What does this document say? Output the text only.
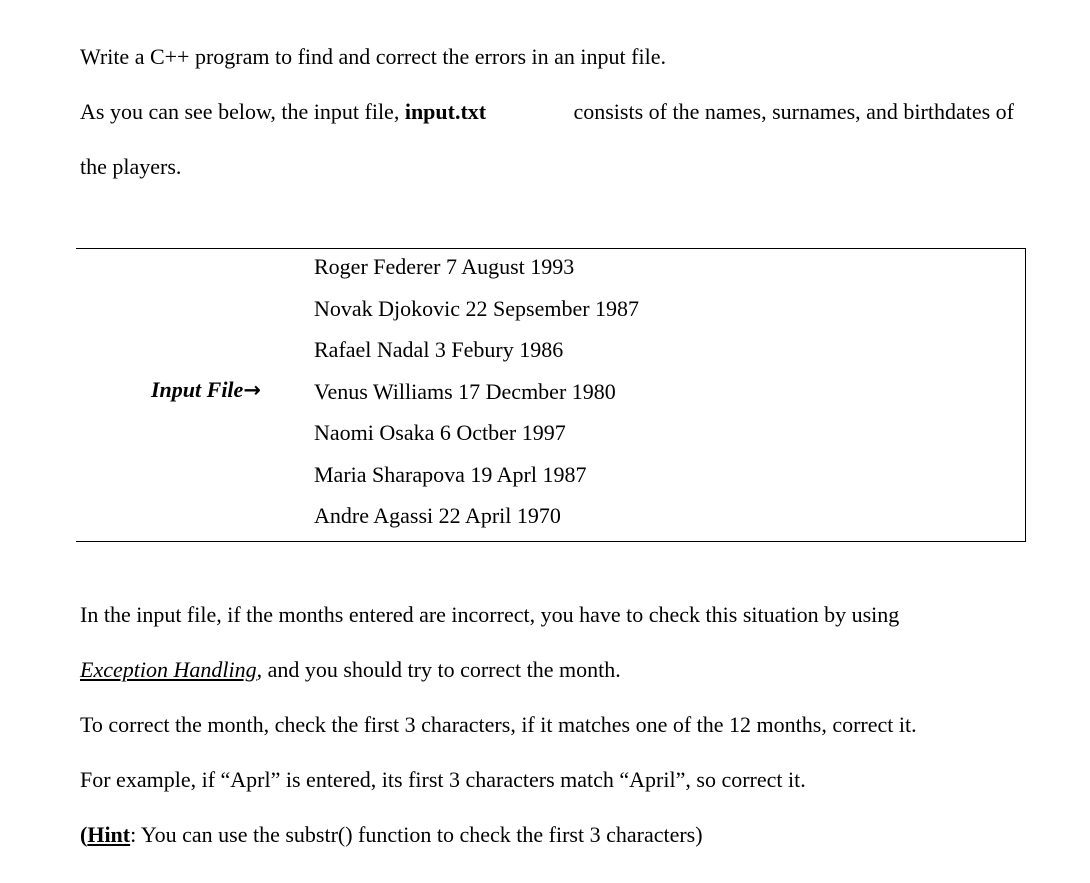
Write a C++ program to find and correct the errors in an input file.
As you can see below, the input file, input.txt	consists of the names, surnames, and birthdates of
the players.
Input File→
Roger Federer 7 August 1993
Novak Djokovic 22 Sepsember 1987
Rafael Nadal 3 Febury 1986
Venus Williams 17 Decmber 1980
Naomi Osaka 6 Octber 1997
Maria Sharapova 19 Aprl 1987
Andre Agassi 22 April 1970
In the input file, if the months entered are incorrect, you have to check this situation by using
Exception Handling, and you should try to correct the month.
To correct the month, check the first 3 characters, if it matches one of the 12 months, correct it.
For example, if “Aprl” is entered, its first 3 characters match “April”, so correct it.
(Hint: You can use the substr() function to check the first 3 characters)
